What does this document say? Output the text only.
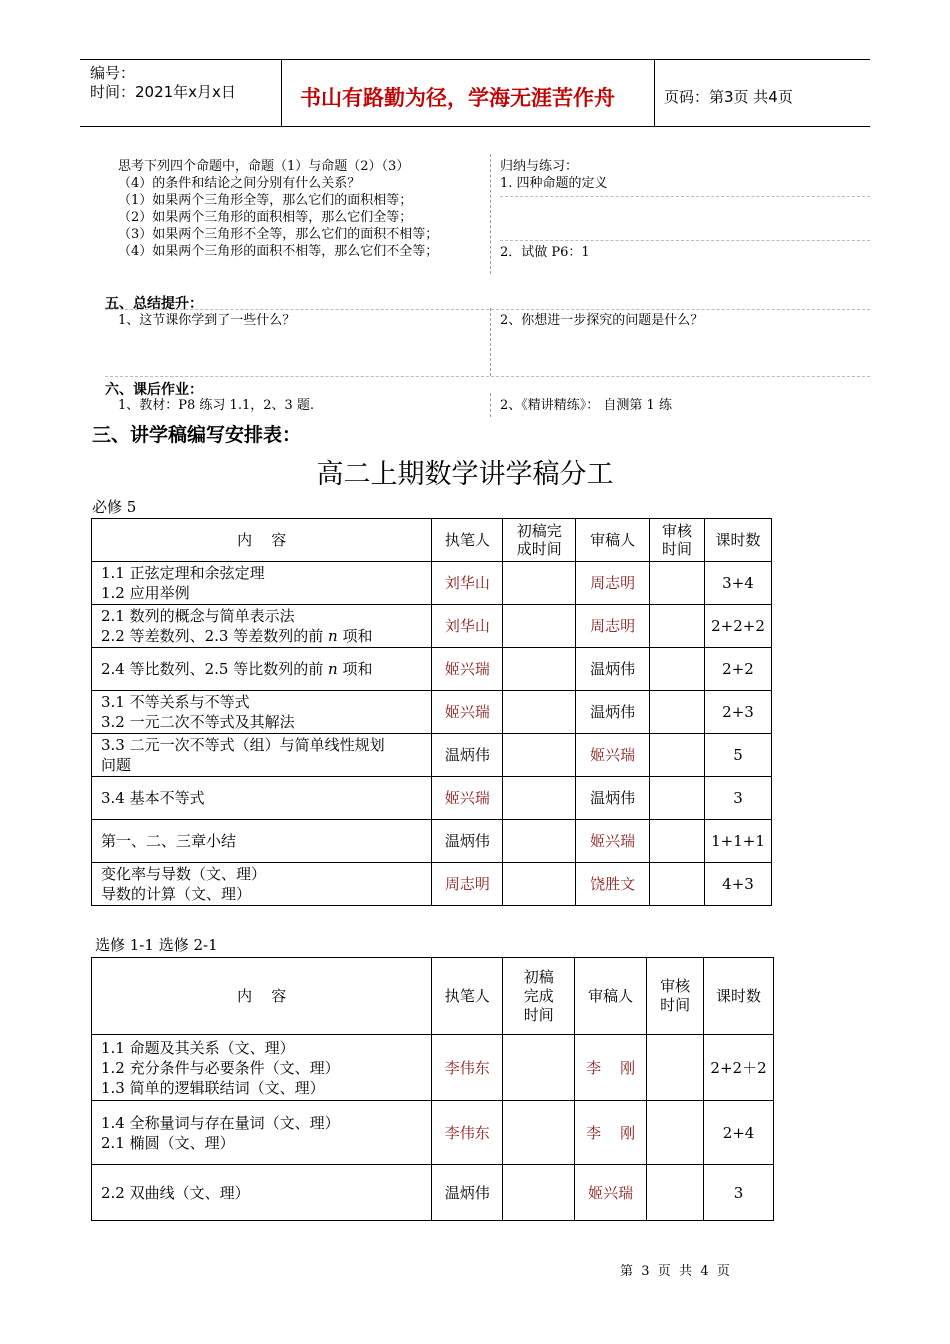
编号：
时间：2021年x月x日	书山有路勤为径，学海无涯苦作舟	页码：第3页 共4页
思考下列四个命题中，命题（1）与命题（2）（3）
（4）的条件和结论之间分别有什么关系？
（1）如果两个三角形全等，那么它们的面积相等；
（2）如果两个三角形的面积相等，那么它们全等；
（3）如果两个三角形不全等，那么它们的面积不相等；
（4）如果两个三角形的面积不相等，那么它们不全等；
归纳与练习：
1. 四种命题的定义
2．试做 P6：1
五、总结提升：
1、这节课你学到了一些什么？	2、你想进一步探究的问题是什么？
六、课后作业：
1、教材：P8 练习 1.1，2、3 题.	2、《精讲精练》： 自测第 1 练
三、讲学稿编写安排表：
高二上期数学讲学稿分工
必修 5
内    容	执笔人	初稿完成时间	审稿人	审核时间	课时数

1.1 正弦定理和余弦定理
1.2 应用举例	刘华山		周志明		3+4

2.1 数列的概念与简单表示法
2.2 等差数列、2.3 等差数列的前 n 项和	刘华山		周志明		2+2+2

2.4 等比数列、2.5 等比数列的前 n 项和	姬兴瑞		温炳伟		2+2

3.1 不等关系与不等式
3.2 一元二次不等式及其解法	姬兴瑞		温炳伟		2+3

3.3 二元一次不等式（组）与简单线性规划
问题	温炳伟		姬兴瑞		5

3.4 基本不等式	姬兴瑞		温炳伟		3

第一、二、三章小结	温炳伟		姬兴瑞		1+1+1

变化率与导数（文、理）
导数的计算（文、理）	周志明		饶胜文		4+3
选修 1-1 选修 2-1
内    容	执笔人	初稿完成时间	审稿人	审核时间	课时数

1.1 命题及其关系（文、理）
1.2 充分条件与必要条件（文、理）
1.3 简单的逻辑联结词（文、理）	李伟东		李    刚		2+2＋2

1.4 全称量词与存在量词（文、理）
2.1 椭圆（文、理）	李伟东		李    刚		2+4

2.2 双曲线（文、理）	温炳伟		姬兴瑞		3
第  3  页  共  4  页
